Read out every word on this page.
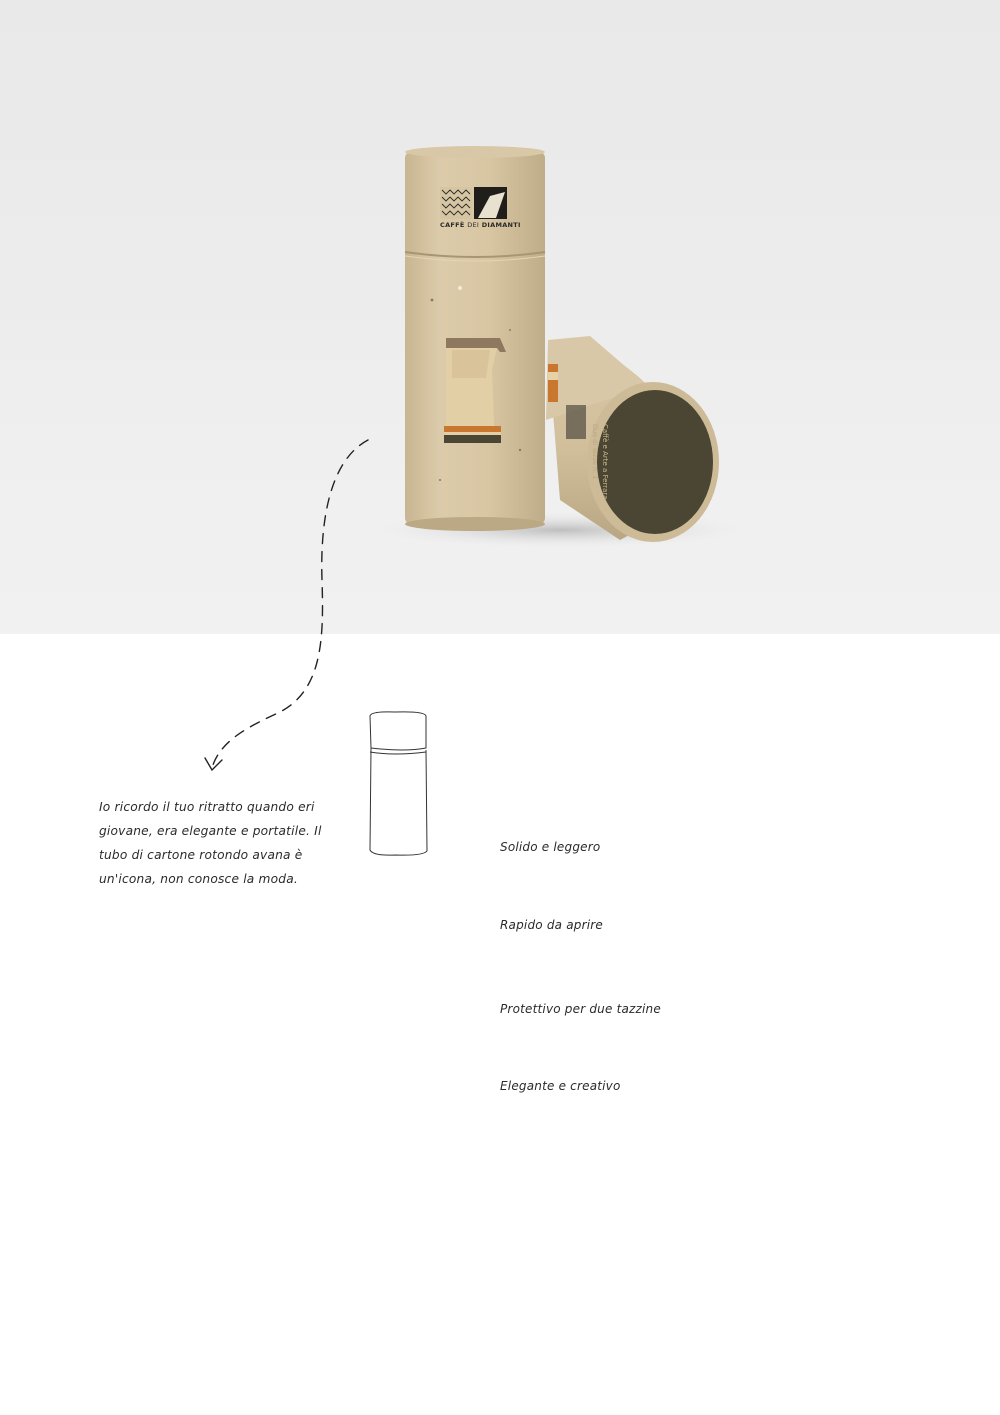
CAFFÈ DEI DIAMANTI
Caffè e Arte a Ferrara
Duo di Tazze n. 1
Io ricordo il tuo ritratto quando eri giovane, era elegante e portatile. Il tubo di cartone rotondo avana è un'icona, non conosce la moda.
Solido e leggero
Rapido da aprire
Protettivo per due tazzine
Elegante e creativo
